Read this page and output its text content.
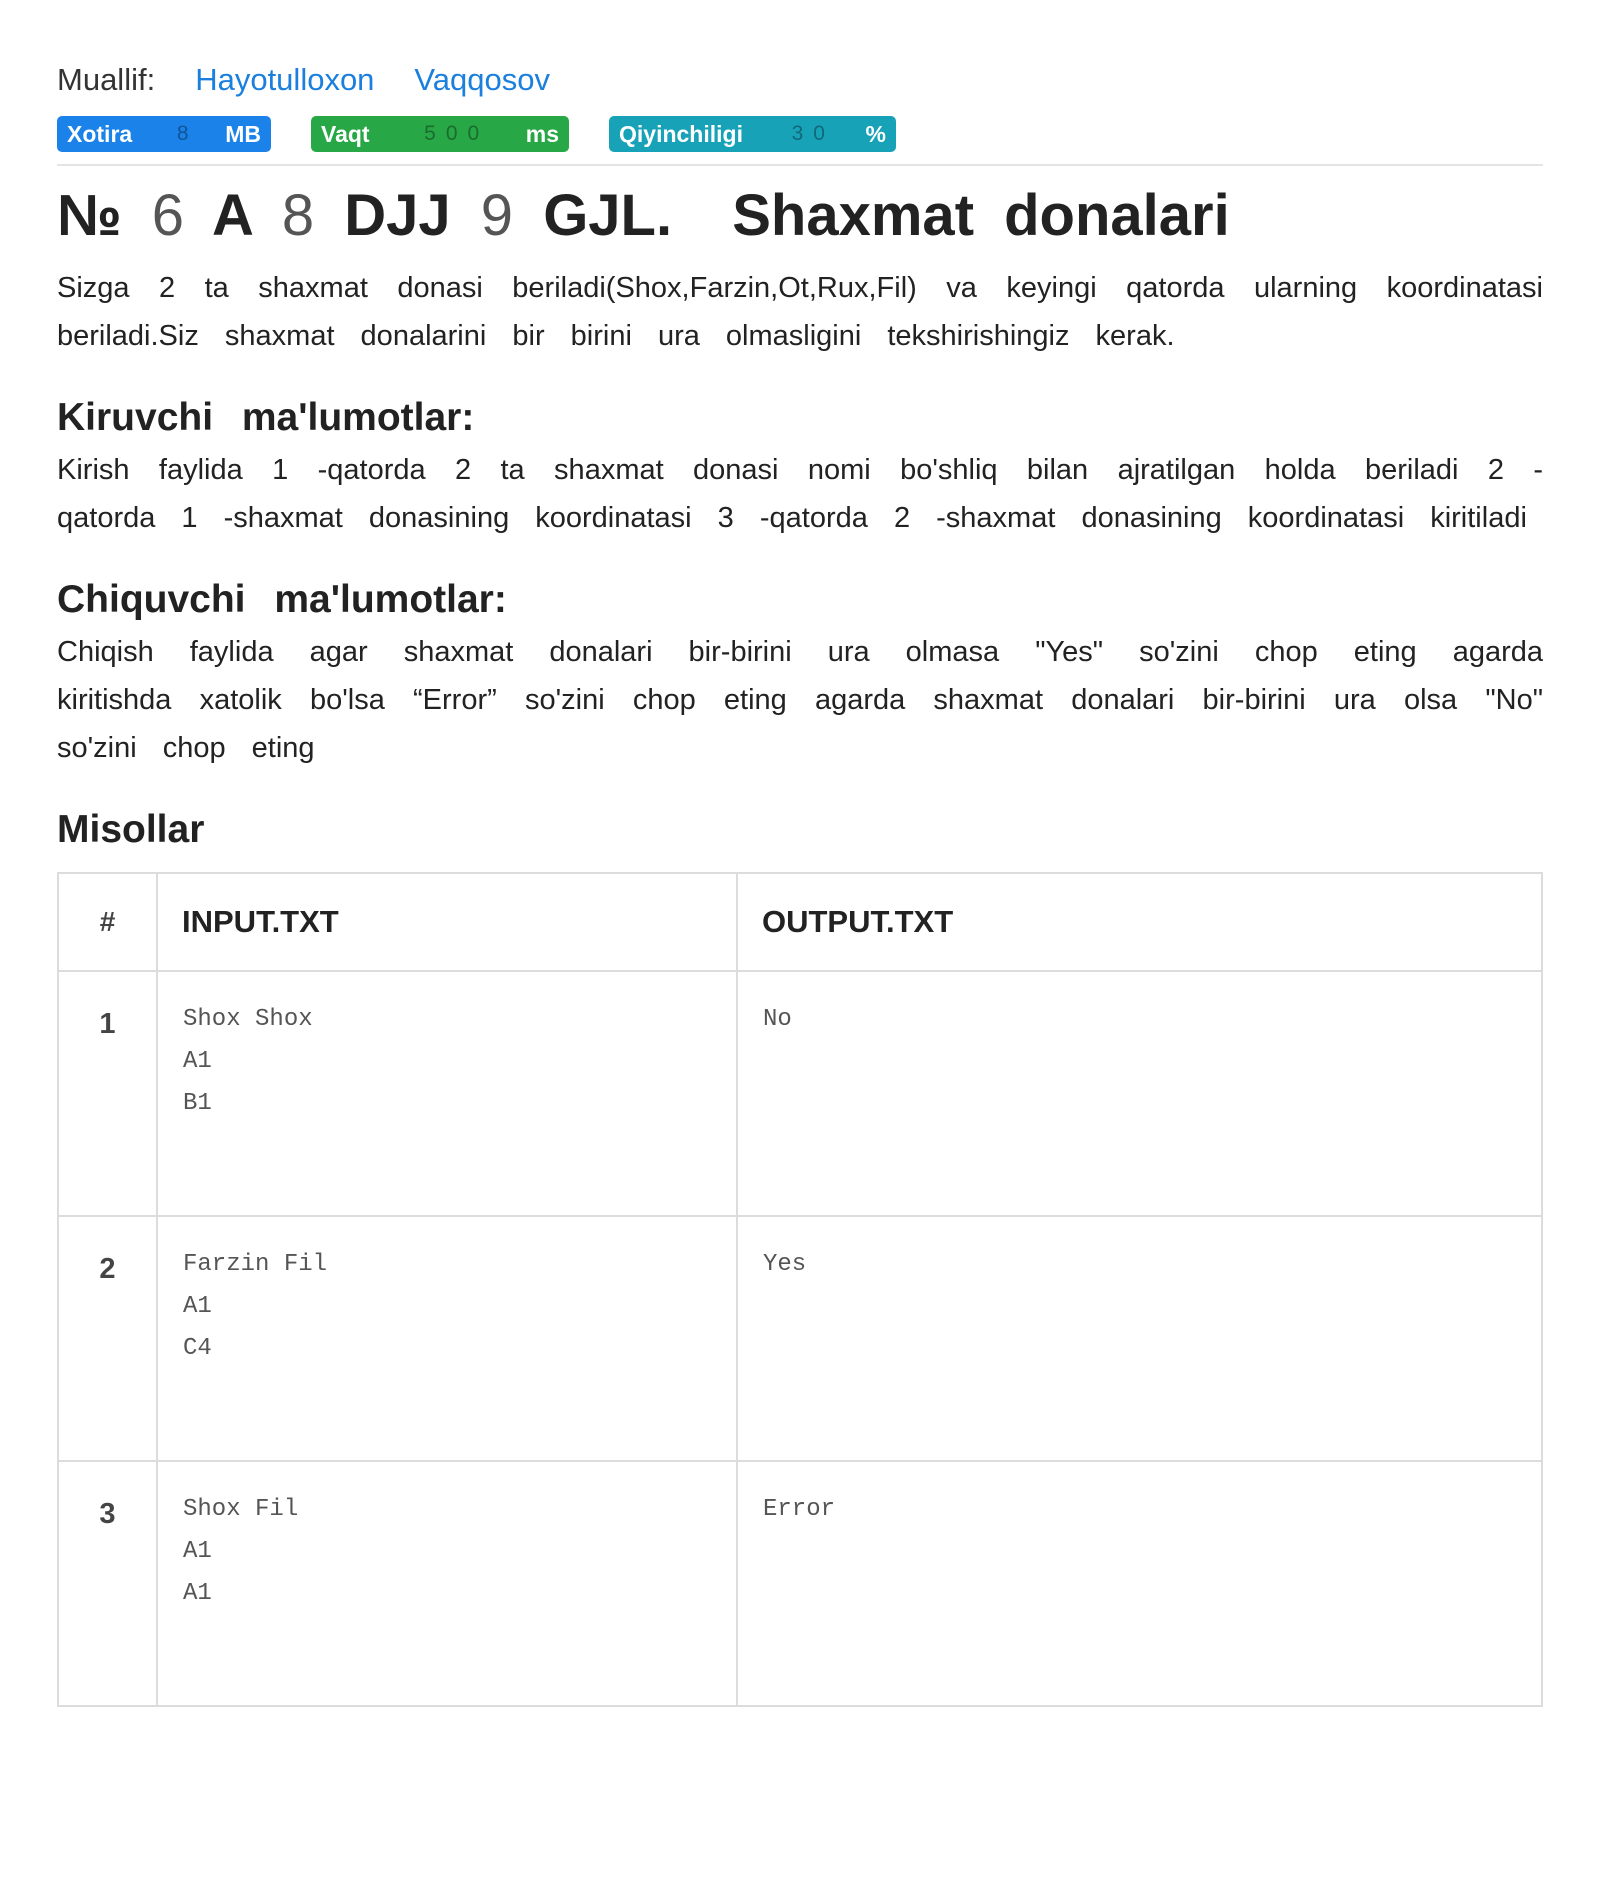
Muallif: Hayotulloxon Vaqqosov
Xotira 8 MB	Vaqt	500 ms	Qiyinchiligi 30 %
№ 6 A 8 DJJ 9 GJL. Shaxmat donalari

Sizga 2 ta shaxmat donasi beriladi(Shox,Farzin,Ot,Rux,Fil) va keyingi qatorda ularning koordinatasi beriladi.Siz shaxmat donalarini bir birini ura olmasligini tekshirishingiz kerak.

Kiruvchi ma'lumotlar:

Kirish faylida 1 -qatorda 2 ta shaxmat donasi nomi bo'shliq bilan ajratilgan holda beriladi 2 -qatorda 1 -shaxmat donasining koordinatasi 3 -qatorda 2 -shaxmat donasining koordinatasi kiritiladi

Chiquvchi ma'lumotlar:

Chiqish faylida agar shaxmat donalari bir-birini ura olmasa "Yes" so'zini chop eting agarda kiritishda xatolik bo'lsa “Error” so'zini chop eting agarda shaxmat donalari bir-birini ura olsa "No" so'zini chop eting

Misollar
#	INPUT.TXT	OUTPUT.TXT
1	Shox Shox
A1
B1	No

2	Farzin Fil
A1
C4	Yes

3	Shox Fil
A1
A1	Error
